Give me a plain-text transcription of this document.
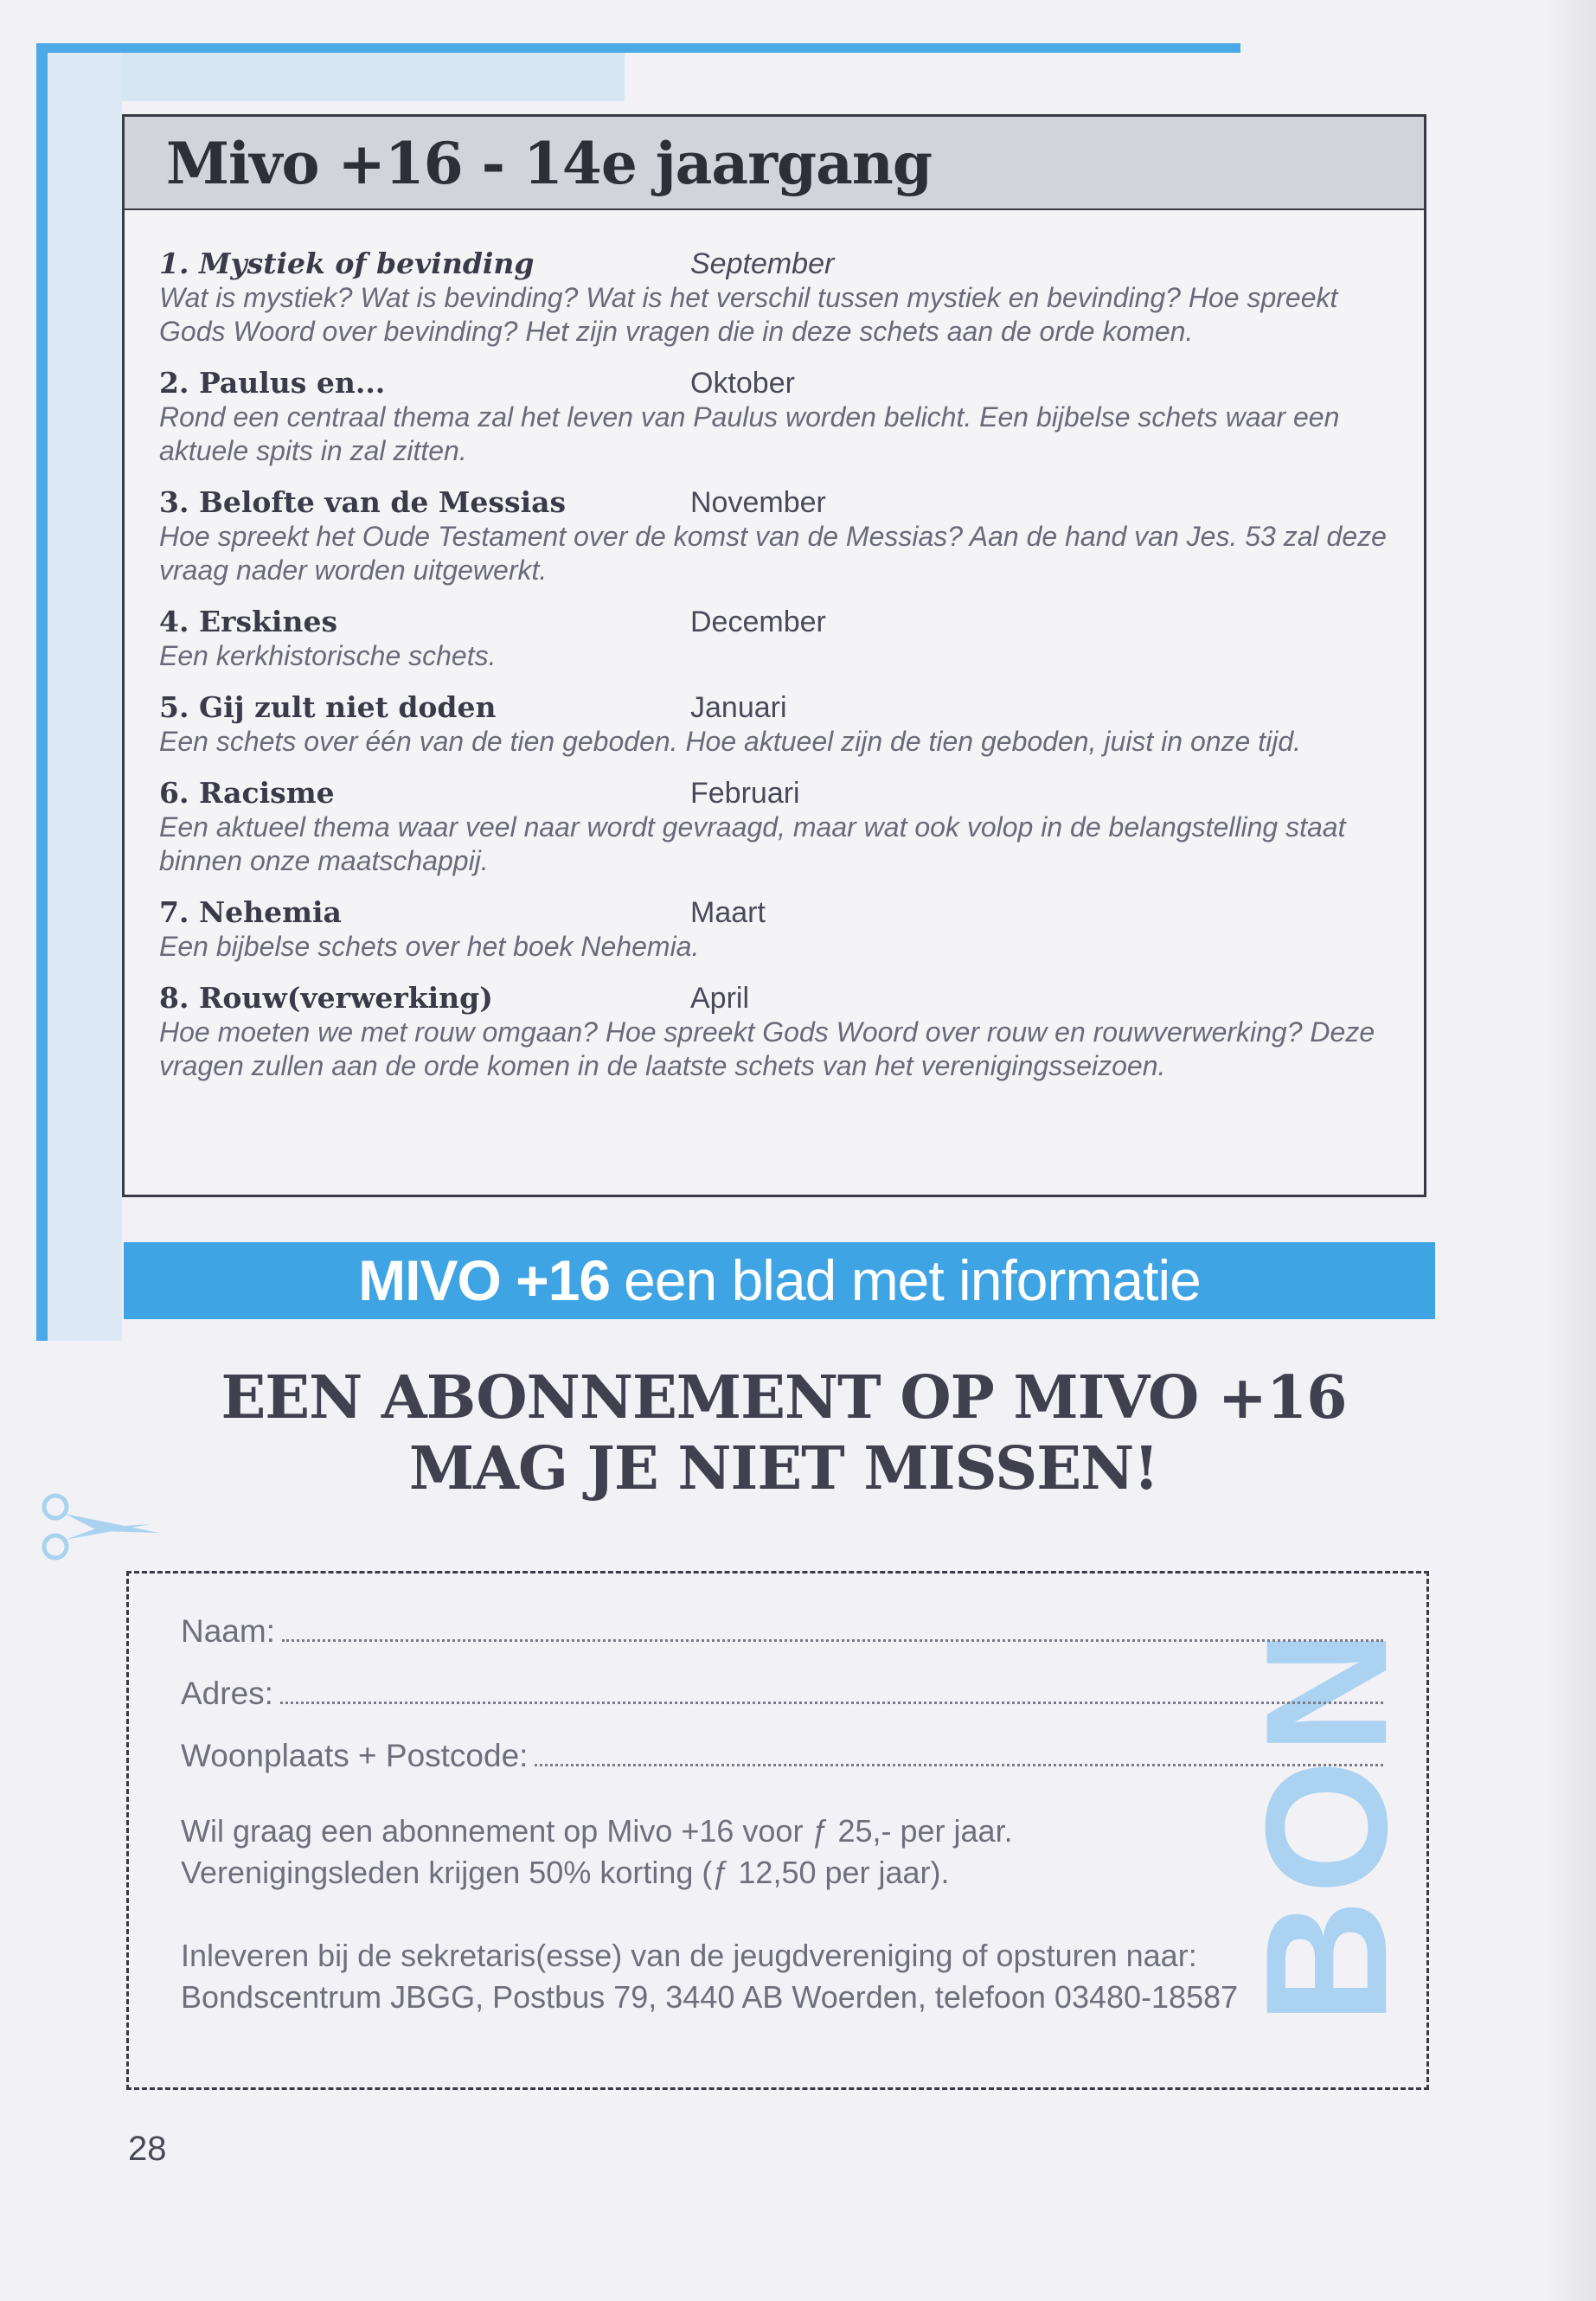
Mivo +16 - 14e jaargang
1. Mystiek of bevinding	September

Wat is mystiek? Wat is bevinding? Wat is het verschil tussen mystiek en bevinding? Hoe spreekt Gods Woord over bevinding? Het zijn vragen die in deze schets aan de orde komen.

2. Paulus en...	Oktober

Rond een centraal thema zal het leven van Paulus worden belicht. Een bijbelse schets waar een aktuele spits in zal zitten.

3. Belofte van de Messias	November

Hoe spreekt het Oude Testament over de komst van de Messias? Aan de hand van Jes. 53 zal deze vraag nader worden uitgewerkt.

4. Erskines	December

Een kerkhistorische schets.

5. Gij zult niet doden	Januari

Een schets over één van de tien geboden. Hoe aktueel zijn de tien geboden, juist in onze tijd.

6. Racisme	Februari

Een aktueel thema waar veel naar wordt gevraagd, maar wat ook volop in de belangstelling staat binnen onze maatschappij.

7. Nehemia	Maart

Een bijbelse schets over het boek Nehemia.

8. Rouw(verwerking)	April

Hoe moeten we met rouw omgaan? Hoe spreekt Gods Woord over rouw en rouwverwerking? Deze vragen zullen aan de orde komen in de laatste schets van het verenigingsseizoen.

MIVO +16 een blad met informatie
EEN ABONNEMENT OP MIVO +16
MAG JE NIET MISSEN!
BON
Naam:
Adres:
Woonplaats + Postcode:

Wil graag een abonnement op Mivo +16 voor ƒ 25,- per jaar.

Verenigingsleden krijgen 50% korting (ƒ 12,50 per jaar).

Inleveren bij de sekretaris(esse) van de jeugdvereniging of opsturen naar:

Bondscentrum JBGG, Postbus 79, 3440 AB Woerden, telefoon 03480-18587

28
